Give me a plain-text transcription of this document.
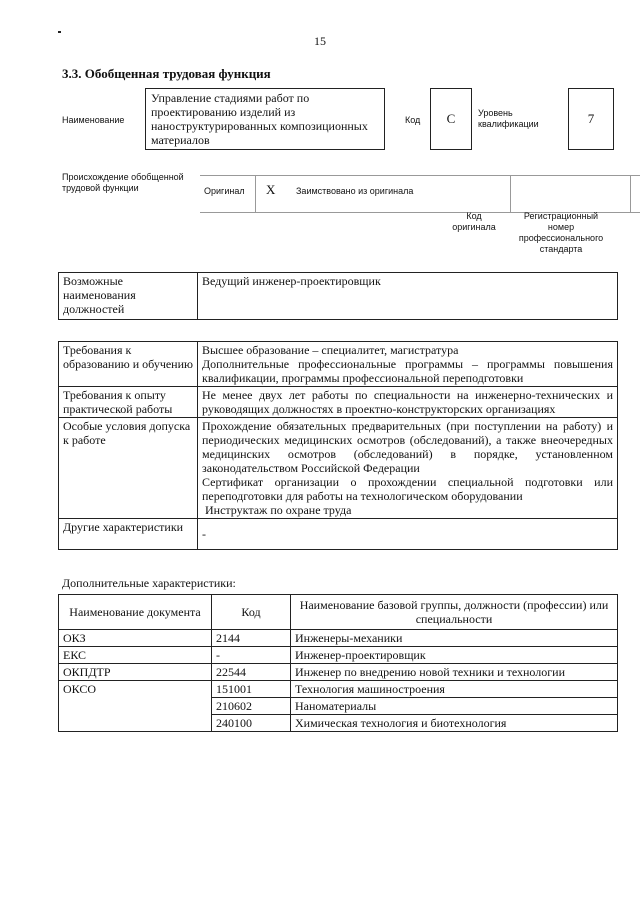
15
3.3. Обобщенная трудовая функция
Наименование
Управление стадиями работ по проектированию изделий из наноструктурированных композиционных материалов
Код	C	Уровень квалификации	7
Происхождение обобщенной трудовой функции	Оригинал X Заимствовано из оригинала
Код оригинала
Регистрационный номер профессионального стандарта
Возможные наименования должностей	Ведущий инженер-проектировщик
Требования к образованию и обучению	Высшее образование – специалитет, магистратура
Дополнительные профессиональные программы – программы повышения квалификации, программы профессиональной переподготовки

Требования к опыту практической работы	Не менее двух лет работы по специальности на инженерно-технических и руководящих должностях в проектно-конструкторских организациях

Особые условия допуска к работе	Прохождение обязательных предварительных (при поступлении на работу) и периодических медицинских осмотров (обследований), а также внеочередных медицинских осмотров (обследований) в порядке, установленном законодательством Российской Федерации
Сертификат организации о прохождении специальной подготовки или переподготовки для работы на технологическом оборудовании
Инструктаж по охране труда

Другие характеристики	-
Дополнительные характеристики:
Наименование документа	Код	Наименование базовой группы, должности (профессии) или специальности
ОКЗ	2144	Инженеры-механики
ЕКС	-	Инженер-проектировщик
ОКПДТР	22544	Инженер по внедрению новой техники и технологии
ОКСО	151001	Технология машиностроения
	210602	Наноматериалы
	240100	Химическая технология и биотехнология
